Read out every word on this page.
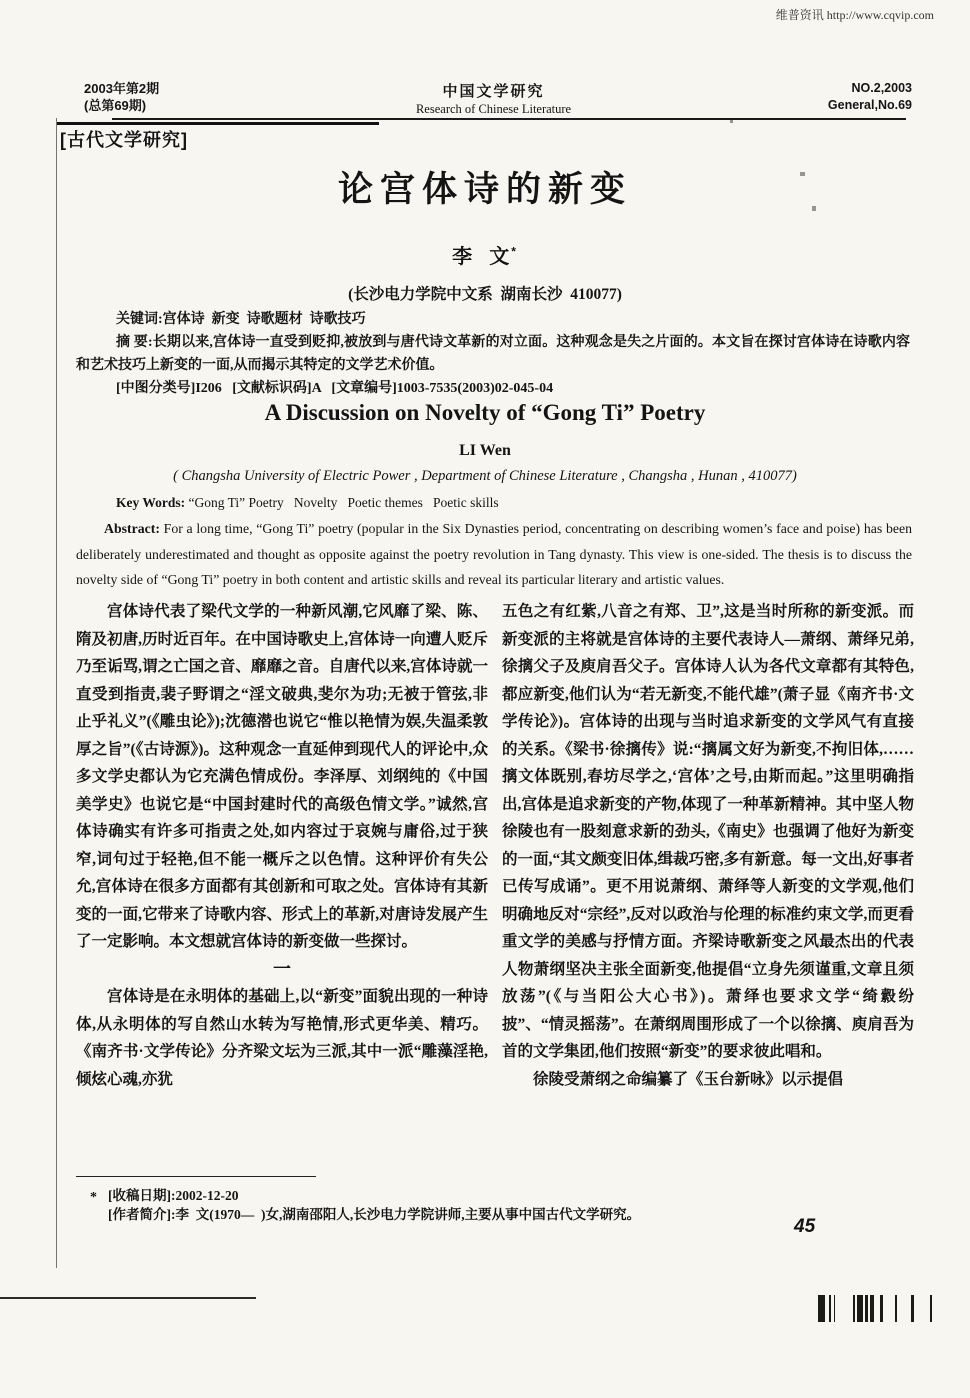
维普资讯 http://www.cqvip.com
2003年第2期
(总第69期)
中国文学研究
Research of Chinese Literature
NO.2,2003
General,No.69
[古代文学研究]
论宫体诗的新变
李  文*
(长沙电力学院中文系  湖南长沙  410077)

关键词:宫体诗  新变  诗歌题材  诗歌技巧

摘 要:长期以来,宫体诗一直受到贬抑,被放到与唐代诗文革新的对立面。这种观念是失之片面的。本文旨在探讨宫体诗在诗歌内容和艺术技巧上新变的一面,从而揭示其特定的文学艺术价值。

[中图分类号]I206   [文献标识码]A   [文章编号]1003-7535(2003)02-045-04

A Discussion on Novelty of “Gong Ti” Poetry
LI Wen
( Changsha University of Electric Power , Department of Chinese Literature , Changsha , Hunan , 410077)
Key Words: “Gong Ti” Poetry   Novelty   Poetic themes   Poetic skills

Abstract: For a long time, “Gong Ti” poetry (popular in the Six Dynasties period, concentrating on describing women’s face and poise) has been deliberately underestimated and thought as opposite against the poetry revolution in Tang dynasty. This view is one-sided. The thesis is to discuss the novelty side of “Gong Ti” poetry in both content and artistic skills and reveal its particular literary and artistic values.

宫体诗代表了梁代文学的一种新风潮,它风靡了梁、陈、隋及初唐,历时近百年。在中国诗歌史上,宫体诗一向遭人贬斥乃至诟骂,谓之亡国之音、靡靡之音。自唐代以来,宫体诗就一直受到指责,裴子野谓之“淫文破典,斐尔为功;无被于管弦,非止乎礼义”(《雕虫论》);沈德潜也说它“惟以艳情为娱,失温柔敦厚之旨”(《古诗源》)。这种观念一直延伸到现代人的评论中,众多文学史都认为它充满色情成份。李泽厚、刘纲纯的《中国美学史》也说它是“中国封建时代的高级色情文学。”诚然,宫体诗确实有许多可指责之处,如内容过于哀婉与庸俗,过于狭窄,词句过于轻艳,但不能一概斥之以色情。这种评价有失公允,宫体诗在很多方面都有其创新和可取之处。宫体诗有其新变的一面,它带来了诗歌内容、形式上的革新,对唐诗发展产生了一定影响。本文想就宫体诗的新变做一些探讨。

一

宫体诗是在永明体的基础上,以“新变”面貌出现的一种诗体,从永明体的写自然山水转为写艳情,形式更华美、精巧。《南齐书·文学传论》分齐梁文坛为三派,其中一派“雕藻淫艳,倾炫心魂,亦犹

五色之有红紫,八音之有郑、卫”,这是当时所称的新变派。而新变派的主将就是宫体诗的主要代表诗人—萧纲、萧绎兄弟,徐摛父子及庾肩吾父子。宫体诗人认为各代文章都有其特色,都应新变,他们认为“若无新变,不能代雄”(萧子显《南齐书·文学传论》)。宫体诗的出现与当时追求新变的文学风气有直接的关系。《梁书·徐摛传》说:“摛属文好为新变,不拘旧体,……摛文体既别,春坊尽学之,‘宫体’之号,由斯而起。”这里明确指出,宫体是追求新变的产物,体现了一种革新精神。其中坚人物徐陵也有一股刻意求新的劲头,《南史》也强调了他好为新变的一面,“其文颇变旧体,缉裁巧密,多有新意。每一文出,好事者已传写成诵”。更不用说萧纲、萧绎等人新变的文学观,他们明确地反对“宗经”,反对以政治与伦理的标准约束文学,而更看重文学的美感与抒情方面。齐梁诗歌新变之风最杰出的代表人物萧纲坚决主张全面新变,他提倡“立身先须谨重,文章且须放荡”(《与当阳公大心书》)。萧绎也要求文学“绮縠纷披”、“情灵摇荡”。在萧纲周围形成了一个以徐摛、庾肩吾为首的文学集团,他们按照“新变”的要求彼此唱和。

徐陵受萧纲之命编纂了《玉台新咏》以示提倡

* [收稿日期]:2002-12-20

[作者简介]:李  文(1970—  )女,湖南邵阳人,长沙电力学院讲师,主要从事中国古代文学研究。

45
